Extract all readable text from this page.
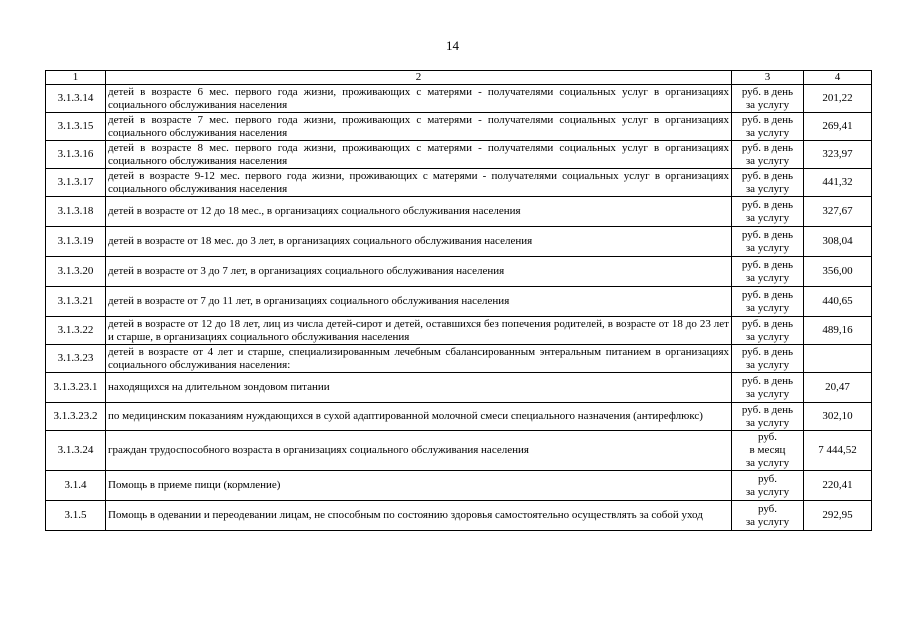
14
1	2	3	4
3.1.3.14	детей в возрасте 6 мес. первого года жизни, проживающих с матерями - получателями социальных услуг в организациях социального обслуживания населения	руб. в день
за услугу	201,22
3.1.3.15	детей в возрасте 7 мес. первого года жизни, проживающих с матерями - получателями социальных услуг в организациях социального обслуживания населения	руб. в день
за услугу	269,41
3.1.3.16	детей в возрасте 8 мес. первого года жизни, проживающих с матерями - получателями социальных услуг в организациях социального обслуживания населения	руб. в день
за услугу	323,97
3.1.3.17	детей в возрасте 9-12 мес. первого года жизни, проживающих с матерями - получателями социальных услуг в организациях социального обслуживания населения	руб. в день
за услугу	441,32
3.1.3.18	детей в возрасте от 12 до 18 мес., в организациях социального обслуживания населения	руб. в день
за услугу	327,67
3.1.3.19	детей в возрасте от 18 мес. до 3 лет, в организациях социального обслуживания населения	руб. в день
за услугу	308,04
3.1.3.20	детей в возрасте от 3 до 7 лет, в организациях социального обслуживания населения	руб. в день
за услугу	356,00
3.1.3.21	детей в возрасте от 7 до 11 лет, в организациях социального обслуживания населения	руб. в день
за услугу	440,65
3.1.3.22	детей в возрасте от 12 до 18 лет, лиц из числа детей-сирот и детей, оставшихся без попечения родителей, в возрасте от 18 до 23 лет и старше, в организациях социального обслуживания населения	руб. в день
за услугу	489,16
3.1.3.23	детей в возрасте от 4 лет и старше, специализированным лечебным сбалансированным энтеральным питанием в организациях социального обслуживания населения:	руб. в день
за услугу	

3.1.3.23.1	находящихся на длительном зондовом питании	руб. в день
за услугу	20,47
3.1.3.23.2	по медицинским показаниям нуждающихся в сухой адаптированной молочной смеси специального назначения (антирефлюкс)	руб. в день
за услугу	302,10
3.1.3.24	граждан трудоспособного возраста в организациях социального обслуживания населения	руб.
в месяц
за услугу	7 444,52
3.1.4	Помощь в приеме пищи (кормление)	руб.
за услугу	220,41
3.1.5	Помощь в одевании и переодевании лицам, не способным по состоянию здоровья самостоятельно осуществлять за собой уход	руб.
за услугу	292,95
